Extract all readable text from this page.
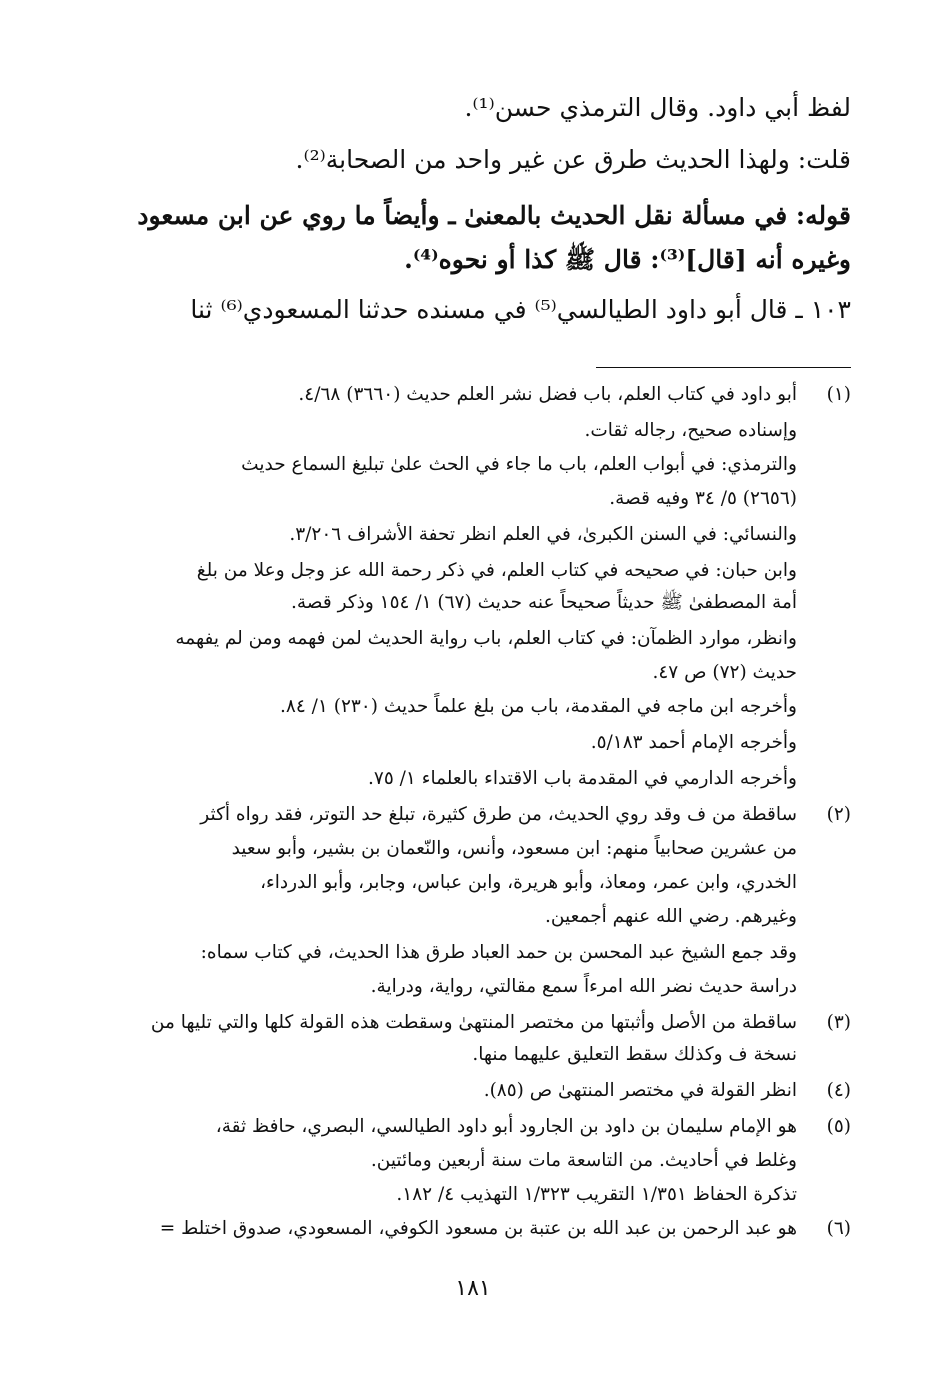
لفظ أبي داود. وقال الترمذي حسن⁽¹⁾.
قلت: ولهذا الحديث طرق عن غير واحد من الصحابة⁽²⁾.
قوله: في مسألة نقل الحديث بالمعنىٰ ـ وأيضاً ما روي عن ابن مسعود
وغيره أنه [قال]⁽³⁾: قال ﷺ كذا أو نحوه⁽⁴⁾.
١٠٣ ـ قال أبو داود الطيالسي⁽⁵⁾ في مسنده حدثنا المسعودي⁽⁶⁾ ثنا
(١)
أبو داود في كتاب العلم، باب فضل نشر العلم حديث (٣٦٦٠) ٤/٦٨.
وإسناده صحيح، رجاله ثقات.
والترمذي: في أبواب العلم، باب ما جاء في الحث علىٰ تبليغ السماع حديث
(٢٦٥٦) ٥/ ٣٤ وفيه قصة.
والنسائي: في السنن الكبرىٰ، في العلم انظر تحفة الأشراف ٣/٢٠٦.
وابن حبان: في صحيحه في كتاب العلم، في ذكر رحمة الله عز وجل وعلا من بلغ
أمة المصطفىٰ ﷺ حديثاً صحيحاً عنه حديث (٦٧) ١/ ١٥٤ وذكر قصة.
وانظر، موارد الظمآن: في كتاب العلم، باب رواية الحديث لمن فهمه ومن لم يفهمه
حديث (٧٢) ص ٤٧.
وأخرجه ابن ماجه في المقدمة، باب من بلغ علماً حديث (٢٣٠) ١/ ٨٤.
وأخرجه الإمام أحمد ٥/١٨٣.
وأخرجه الدارمي في المقدمة باب الاقتداء بالعلماء ١/ ٧٥.
(٢)
ساقطة من ف وقد روي الحديث، من طرق كثيرة، تبلغ حد التوتر، فقد رواه أكثر
من عشرين صحابياً منهم: ابن مسعود، وأنس، والنّعمان بن بشير، وأبو سعيد
الخدري، وابن عمر، ومعاذ، وأبو هريرة، وابن عباس، وجابر، وأبو الدرداء،
وغيرهم. رضي الله عنهم أجمعين.
وقد جمع الشيخ عبد المحسن بن حمد العباد طرق هذا الحديث، في كتاب سماه:
دراسة حديث نضر الله امرءاً سمع مقالتي، رواية، ودراية.
(٣)
ساقطة من الأصل وأثبتها من مختصر المنتهىٰ وسقطت هذه القولة كلها والتي تليها من
نسخة ف وكذلك سقط التعليق عليهما منها.
(٤)
انظر القولة في مختصر المنتهىٰ ص (٨٥).
(٥)
هو الإمام سليمان بن داود بن الجارود أبو داود الطيالسي، البصري، حافظ ثقة،
وغلط في أحاديث. من التاسعة مات سنة أربعين ومائتين.
تذكرة الحفاظ ١/٣٥١ التقريب ١/٣٢٣ التهذيب ٤/ ١٨٢.
(٦)
هو عبد الرحمن بن عبد الله بن عتبة بن مسعود الكوفي، المسعودي، صدوق اختلط =
١٨١
